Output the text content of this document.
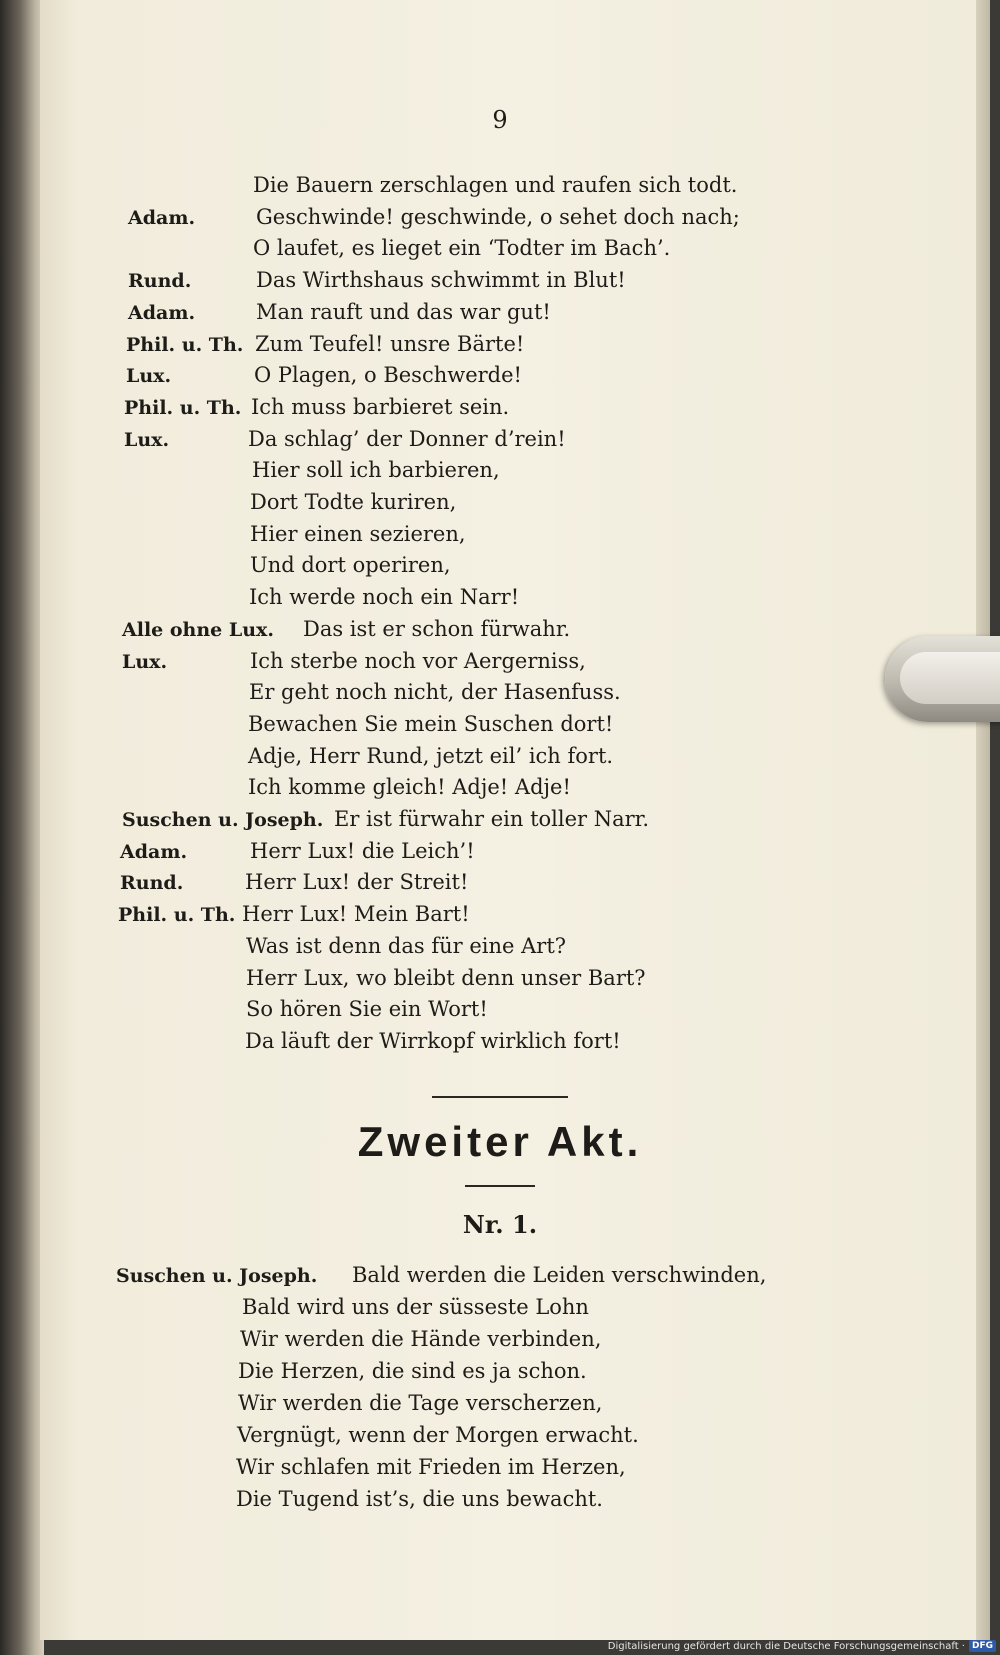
9
Die Bauern zerschlagen und raufen sich todt.
Adam.	Geschwinde! geschwinde, o sehet doch nach;
O laufet, es lieget ein ‘Todter im Bach’.
Rund.	Das Wirthshaus schwimmt in Blut!
Adam.	Man rauft und das war gut!
Phil. u. Th. Zum Teufel! unsre Bärte!
Lux.	O Plagen, o Beschwerde!
Phil. u. Th. Ich muss barbieret sein.
Lux.	Da schlag’ der Donner d’rein!
Hier soll ich barbieren,
Dort Todte kuriren,
Hier einen sezieren,
Und dort operiren,
Ich werde noch ein Narr!
Alle ohne Lux. Das ist er schon fürwahr.
Lux.	Ich sterbe noch vor Aergerniss,
Er geht noch nicht, der Hasenfuss.
Bewachen Sie mein Suschen dort!
Adje, Herr Rund, jetzt eil’ ich fort.
Ich komme gleich! Adje! Adje!
Suschen u. Joseph. Er ist fürwahr ein toller Narr.
Adam.	Herr Lux! die Leich’!
Rund.	Herr Lux! der Streit!
Phil. u. Th. Herr Lux! Mein Bart!
Was ist denn das für eine Art?
Herr Lux, wo bleibt denn unser Bart?
So hören Sie ein Wort!
Da läuft der Wirrkopf wirklich fort!
Zweiter Akt.
Nr. 1.
Suschen u. Joseph. Bald werden die Leiden verschwinden,
Bald wird uns der süsseste Lohn
Wir werden die Hände verbinden,
Die Herzen, die sind es ja schon.
Wir werden die Tage verscherzen,
Vergnügt, wenn der Morgen erwacht.
Wir schlafen mit Frieden im Herzen,
Die Tugend ist’s, die uns bewacht.
Digitalisierung gefördert durch die Deutsche Forschungsgemeinschaft · DFG
